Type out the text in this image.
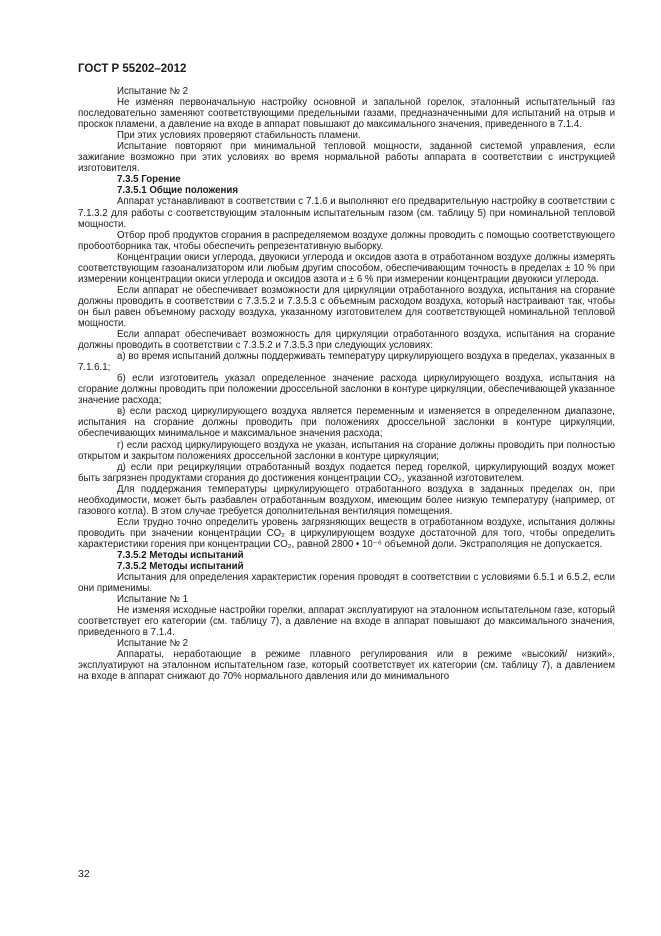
ГОСТ Р 55202–2012

Испытание № 2

Не изменяя первоначальную настройку основной и запальной горелок, эталонный испытательный газ последовательно заменяют соответствующими предельными газами, предназначенными для испытаний на отрыв и проскок пламени, а давление на входе в аппарат повышают до максимального значения, приведенного в 7.1.4.

При этих условиях проверяют стабильность пламени.

Испытание повторяют при минимальной тепловой мощности, заданной системой управления, если зажигание возможно при этих условиях во время нормальной работы аппарата в соответствии с инструкцией изготовителя.

7.3.5 Горение

7.3.5.1 Общие положения

Аппарат устанавливают в соответствии с 7.1.6 и выполняют его предварительную настройку в соответствии с 7.1.3.2 для работы с соответствующим эталонным испытательным газом (см. таблицу 5) при номинальной тепловой мощности.

Отбор проб продуктов сгорания в распределяемом воздухе должны проводить с помощью соответствующего пробоотборника так, чтобы обеспечить репрезентативную выборку.

Концентрации окиси углерода, двуокиси углерода и оксидов азота в отработанном воздухе должны измерять соответствующим газоанализатором или любым другим способом, обеспечивающим точность в пределах ± 10 % при измерении концентрации окиси углерода и оксидов азота и ± 6 % при измерении концентрации двуокиси углерода.

Если аппарат не обеспечивает возможности для циркуляции отработанного воздуха, испытания на сгорание должны проводить в соответствии с 7.3.5.2 и 7.3.5.3 с объемным расходом воздуха, который настраивают так, чтобы он был равен объемному расходу воздуха, указанному изготовителем для соответствующей номинальной тепловой мощности.

Если аппарат обеспечивает возможность для циркуляции отработанного воздуха, испытания на сгорание должны проводить в соответствии с 7.3.5.2 и 7.3.5.3 при следующих условиях:

а) во время испытаний должны поддерживать температуру циркулирующего воздуха в пределах, указанных в 7.1.6.1;

б) если изготовитель указал определенное значение расхода циркулирующего воздуха, испытания на сгорание должны проводить при положении дроссельной заслонки в контуре циркуляции, обеспечивающей указанное значение расхода;

в) если расход циркулирующего воздуха является переменным и изменяется в определенном диапазоне, испытания на сгорание должны проводить при положениях дроссельной заслонки в контуре циркуляции, обеспечивающих минимальное и максимальное значения расхода;

г) если расход циркулирующего воздуха не указан, испытания на сгорание должны проводить при полностью открытом и закрытом положениях дроссельной заслонки в контуре циркуляции;

д) если при рециркуляции отработанный воздух подается перед горелкой, циркулирующий воздух может быть загрязнен продуктами сгорания до достижения концентрации CO₂, указанной изготовителем.

Для поддержания температуры циркулирующего отработанного воздуха в заданных пределах он, при необходимости, может быть разбавлен отработанным воздухом, имеющим более низкую температуру (например, от газового котла). В этом случае требуется дополнительная вентиляция помещения.

Если трудно точно определить уровень загрязняющих веществ в отработанном воздухе, испытания должны проводить при значении концентрации CO₂ в циркулирующем воздухе достаточной для того, чтобы определить характеристики горения при концентрации CO₂, равной 2800 • 10⁻⁶ объемной доли. Экстраполяция не допускается.

7.3.5.2 Методы испытаний

7.3.5.2 Методы испытаний

Испытания для определения характеристик горения проводят в соответствии с условиями 6.5.1 и 6.5.2, если они применимы.

Испытание № 1

Не изменяя исходные настройки горелки, аппарат эксплуатируют на эталонном испытательном газе, который соответствует его категории (см. таблицу 7), а давление на входе в аппарат повышают до максимального значения, приведенного в 7.1.4.

Испытание № 2

Аппараты, неработающие в режиме плавного регулирования или в режиме «высокий/ низкий», эксплуатируют на эталонном испытательном газе, который соответствует их категории (см. таблицу 7), а давлением на входе в аппарат снижают до 70% нормального давления или до минимального

32
